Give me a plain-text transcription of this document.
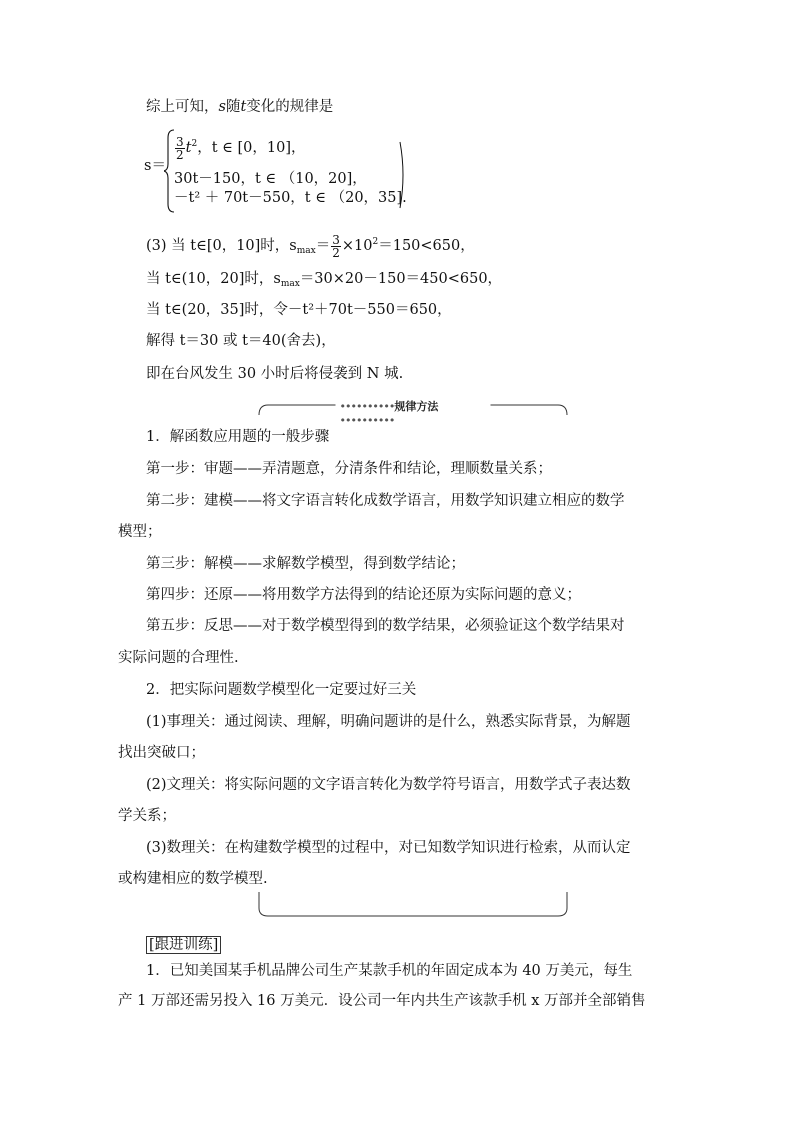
综上可知，s随t变化的规律是
s＝
$\frac{3}{2} t^2$，t ∈ [0，10]，
30t－150，t ∈ （10，20]，
－t² ＋ 70t－550，t ∈ （20，35].
(3) 当 t∈[0，10]时，$s_{max}= \frac{3}{2} \times 10^2=150<650$，
当 t∈(10，20]时，$s_{max}=30\times 20-150=450<650$，
当 t∈(20，35]时，令－t²＋70t－550＝650，
解得 t＝30 或 t＝40(舍去)，
即在台风发生 30 小时后将侵袭到 N 城.
••••••••••规律方法••••••••••
1．解函数应用题的一般步骤
第一步：审题——弄清题意，分清条件和结论，理顺数量关系；
第二步：建模——将文字语言转化成数学语言，用数学知识建立相应的数学
模型；
第三步：解模——求解数学模型，得到数学结论；
第四步：还原——将用数学方法得到的结论还原为实际问题的意义；
第五步：反思——对于数学模型得到的数学结果，必须验证这个数学结果对
实际问题的合理性.
2．把实际问题数学模型化一定要过好三关
(1)事理关：通过阅读、理解，明确问题讲的是什么，熟悉实际背景，为解题
找出突破口；
(2)文理关：将实际问题的文字语言转化为数学符号语言，用数学式子表达数
学关系；
(3)数理关：在构建数学模型的过程中，对已知数学知识进行检索，从而认定
或构建相应的数学模型.
[跟进训练]
1．已知美国某手机品牌公司生产某款手机的年固定成本为 40 万美元，每生
产 1 万部还需另投入 16 万美元．设公司一年内共生产该款手机 x 万部并全部销售
